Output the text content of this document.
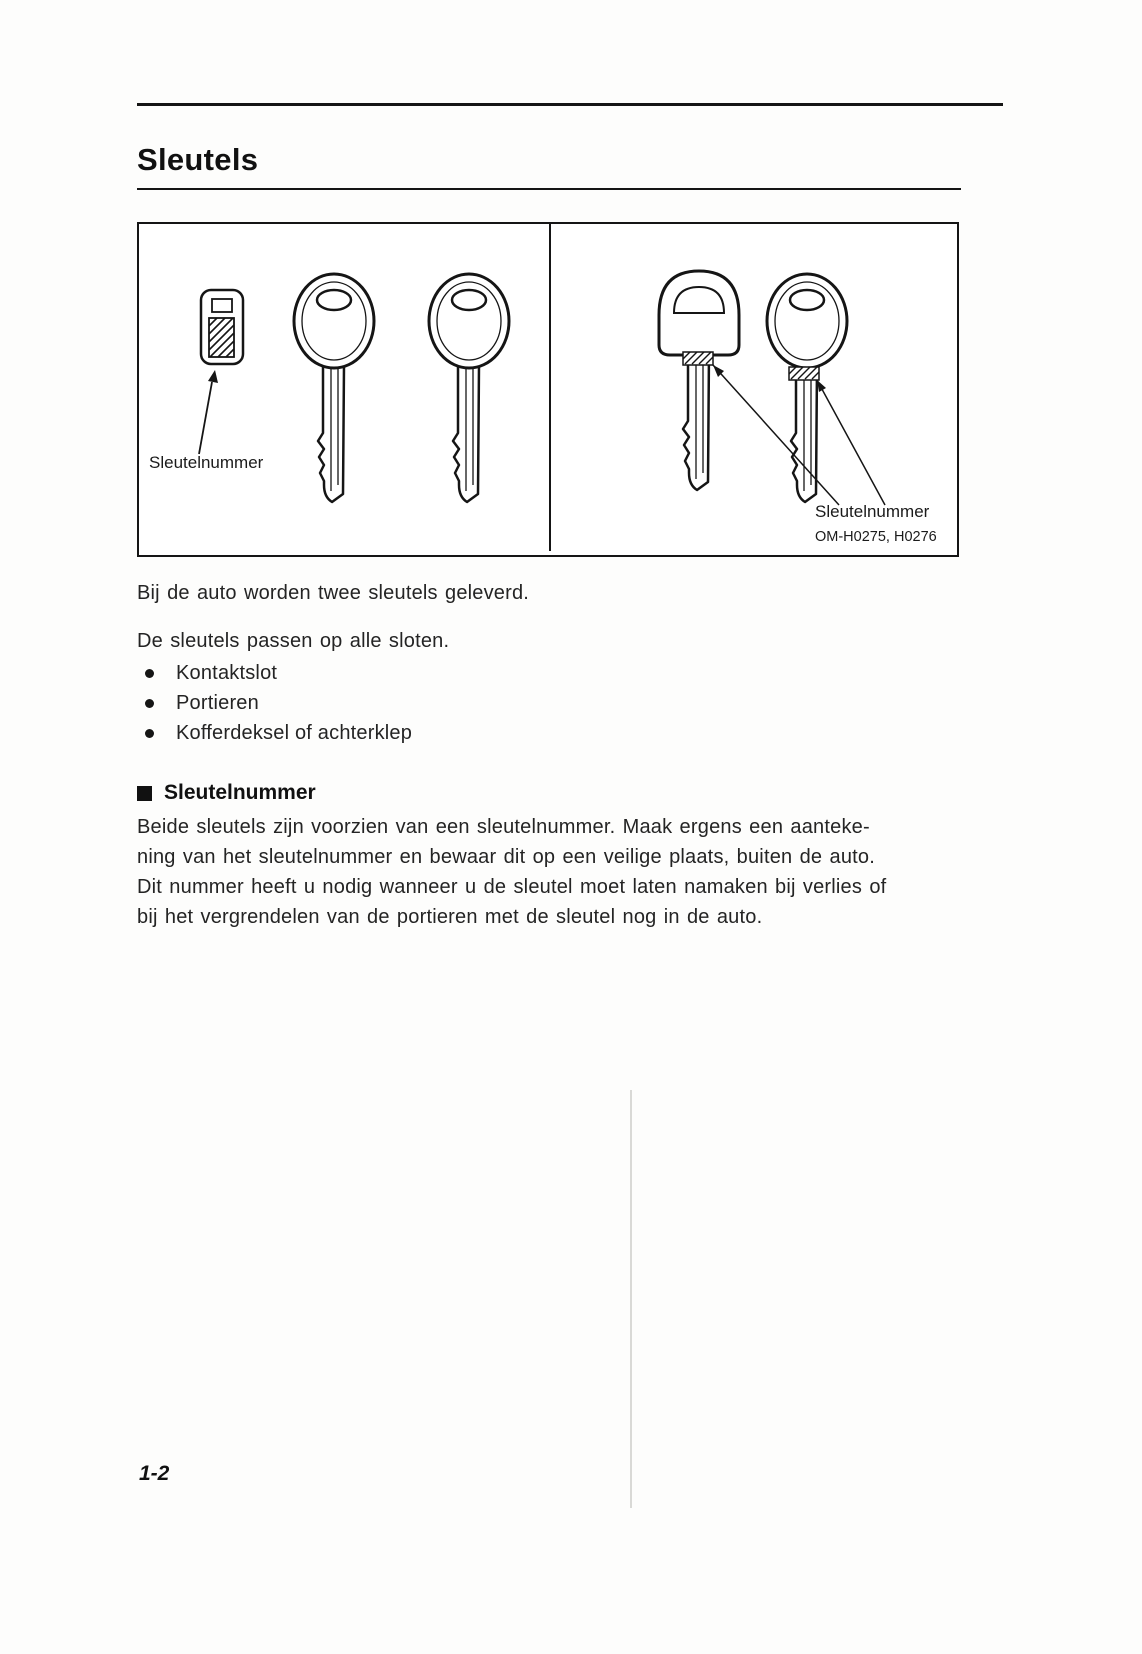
Sleutels
Sleutelnummer
Sleutelnummer
OM-H0275, H0276
Bij de auto worden twee sleutels geleverd.
De sleutels passen op alle sloten.
Kontaktslot
Portieren
Kofferdeksel of achterklep
Sleutelnummer
Beide sleutels zijn voorzien van een sleutelnummer. Maak ergens een aanteke-
ning van het sleutelnummer en bewaar dit op een veilige plaats, buiten de auto.
Dit nummer heeft u nodig wanneer u de sleutel moet laten namaken bij verlies of
bij het vergrendelen van de portieren met de sleutel nog in de auto.
1-2
